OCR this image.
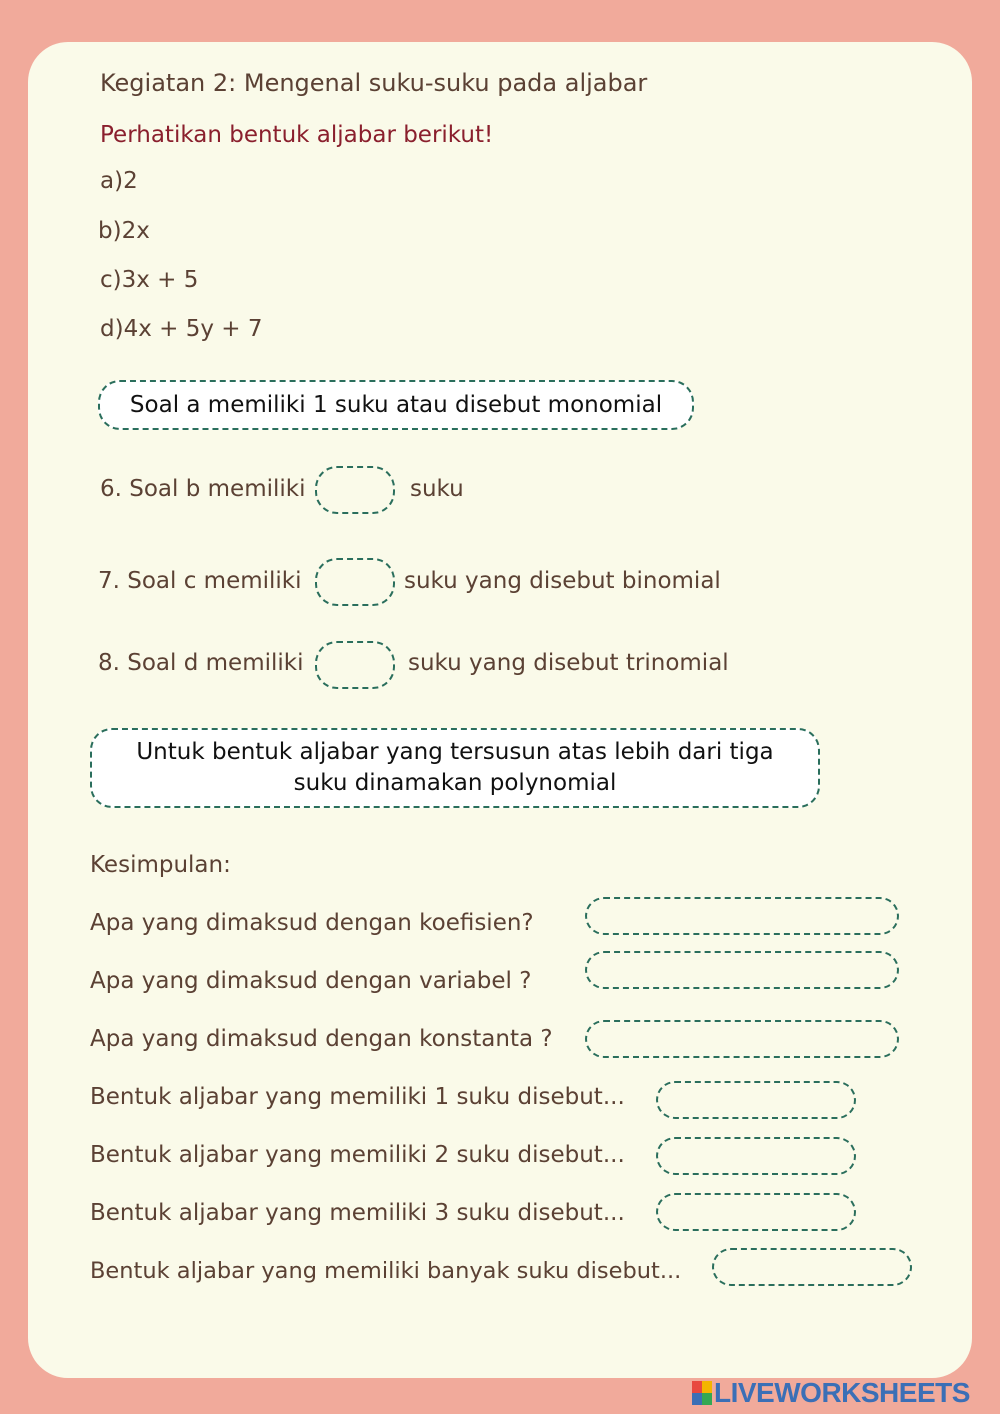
Kegiatan 2: Mengenal suku-suku pada aljabar
Perhatikan bentuk aljabar berikut!
a)2
b)2x
c)3x + 5
d)4x + 5y + 7
Soal a memiliki 1 suku atau disebut monomial
6. Soal b memiliki	suku
7. Soal c memiliki	suku yang disebut binomial
8. Soal d memiliki	suku yang disebut trinomial
Untuk bentuk aljabar yang tersusun atas lebih dari tiga suku dinamakan polynomial
Kesimpulan:
Apa yang dimaksud dengan koefisien?
Apa yang dimaksud dengan variabel ?
Apa yang dimaksud dengan konstanta ?
Bentuk aljabar yang memiliki 1 suku disebut...
Bentuk aljabar yang memiliki 2 suku disebut...
Bentuk aljabar yang memiliki 3 suku disebut...
Bentuk aljabar yang memiliki banyak suku disebut...
LIVEWORKSHEETS
